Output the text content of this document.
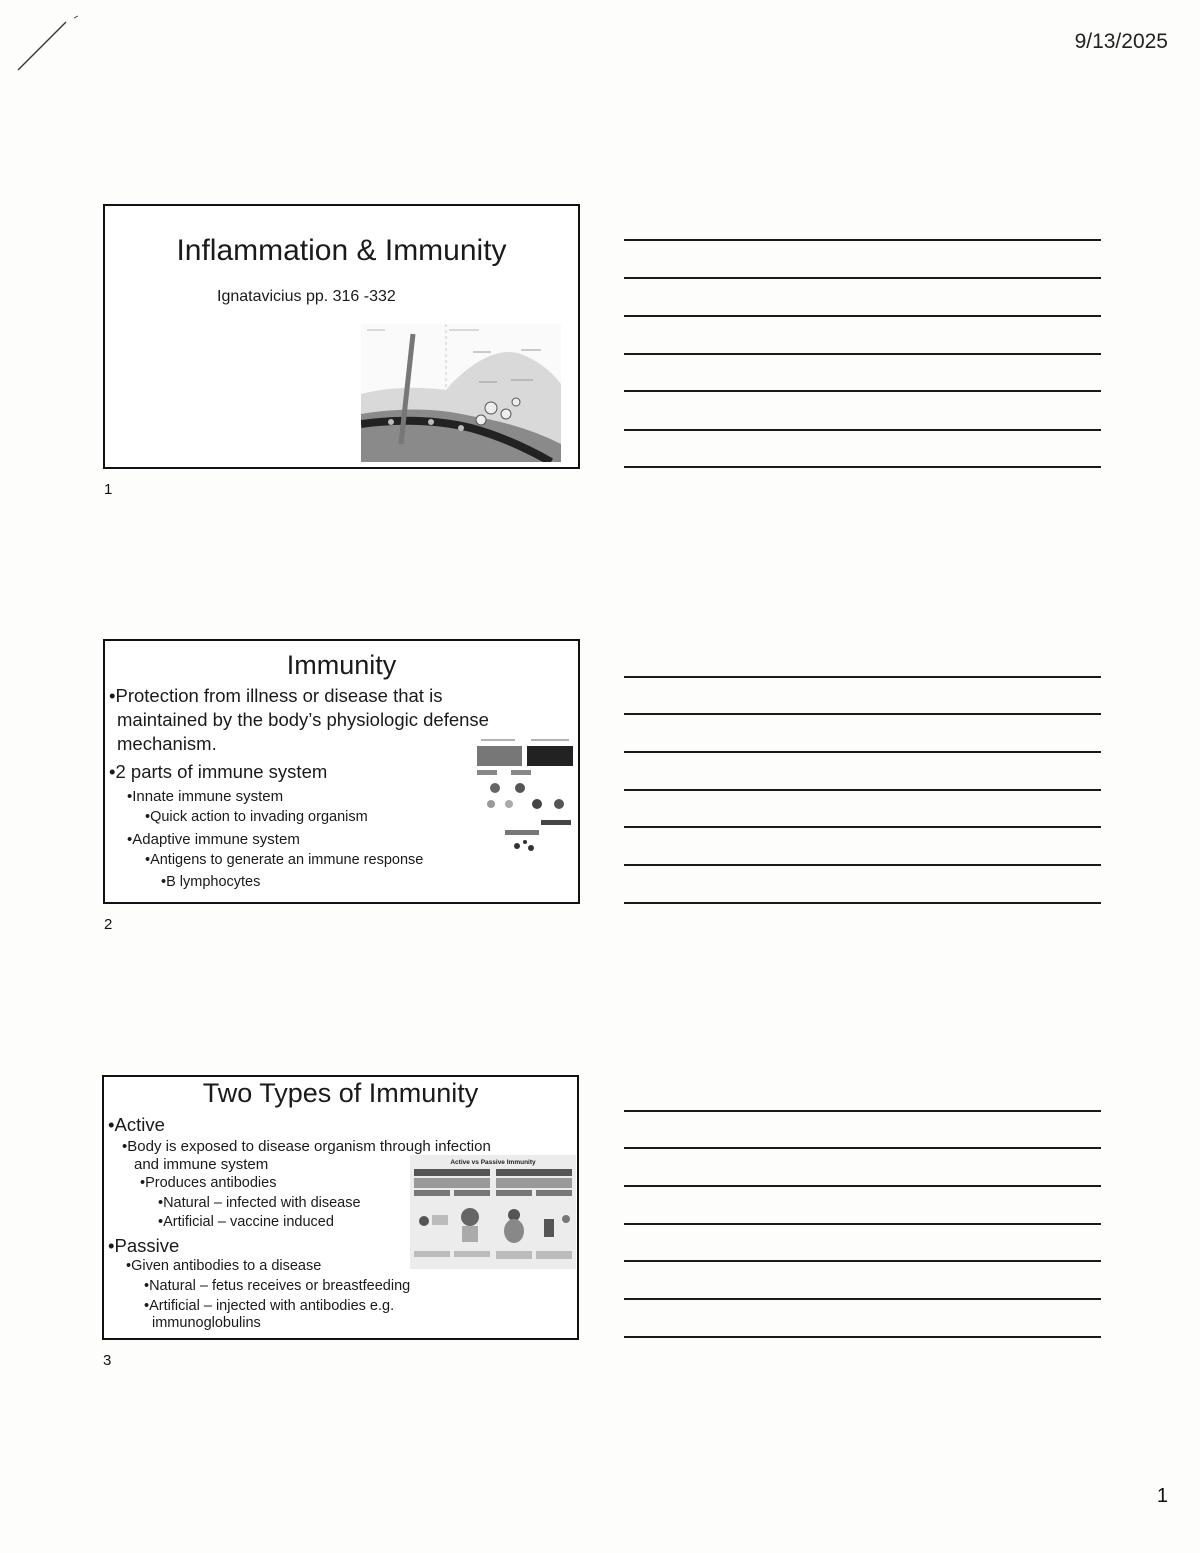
9/13/2025
Inflammation & Immunity
Ignatavicius pp. 316 -332
1
Immunity
•Protection from illness or disease that is
maintained by the body’s physiologic defense
mechanism.
•2 parts of immune system
•Innate immune system
•Quick action to invading organism
•Adaptive immune system
•Antigens to generate an immune response
•B lymphocytes
2
Two Types of Immunity
•Active
•Body is exposed to disease organism through infection
and immune system
•Produces antibodies
•Natural – infected with disease
•Artificial – vaccine induced
•Passive
•Given antibodies to a disease
•Natural – fetus receives or breastfeeding
•Artificial – injected with antibodies e.g.
immunoglobulins
Active vs Passive Immunity
3
1
